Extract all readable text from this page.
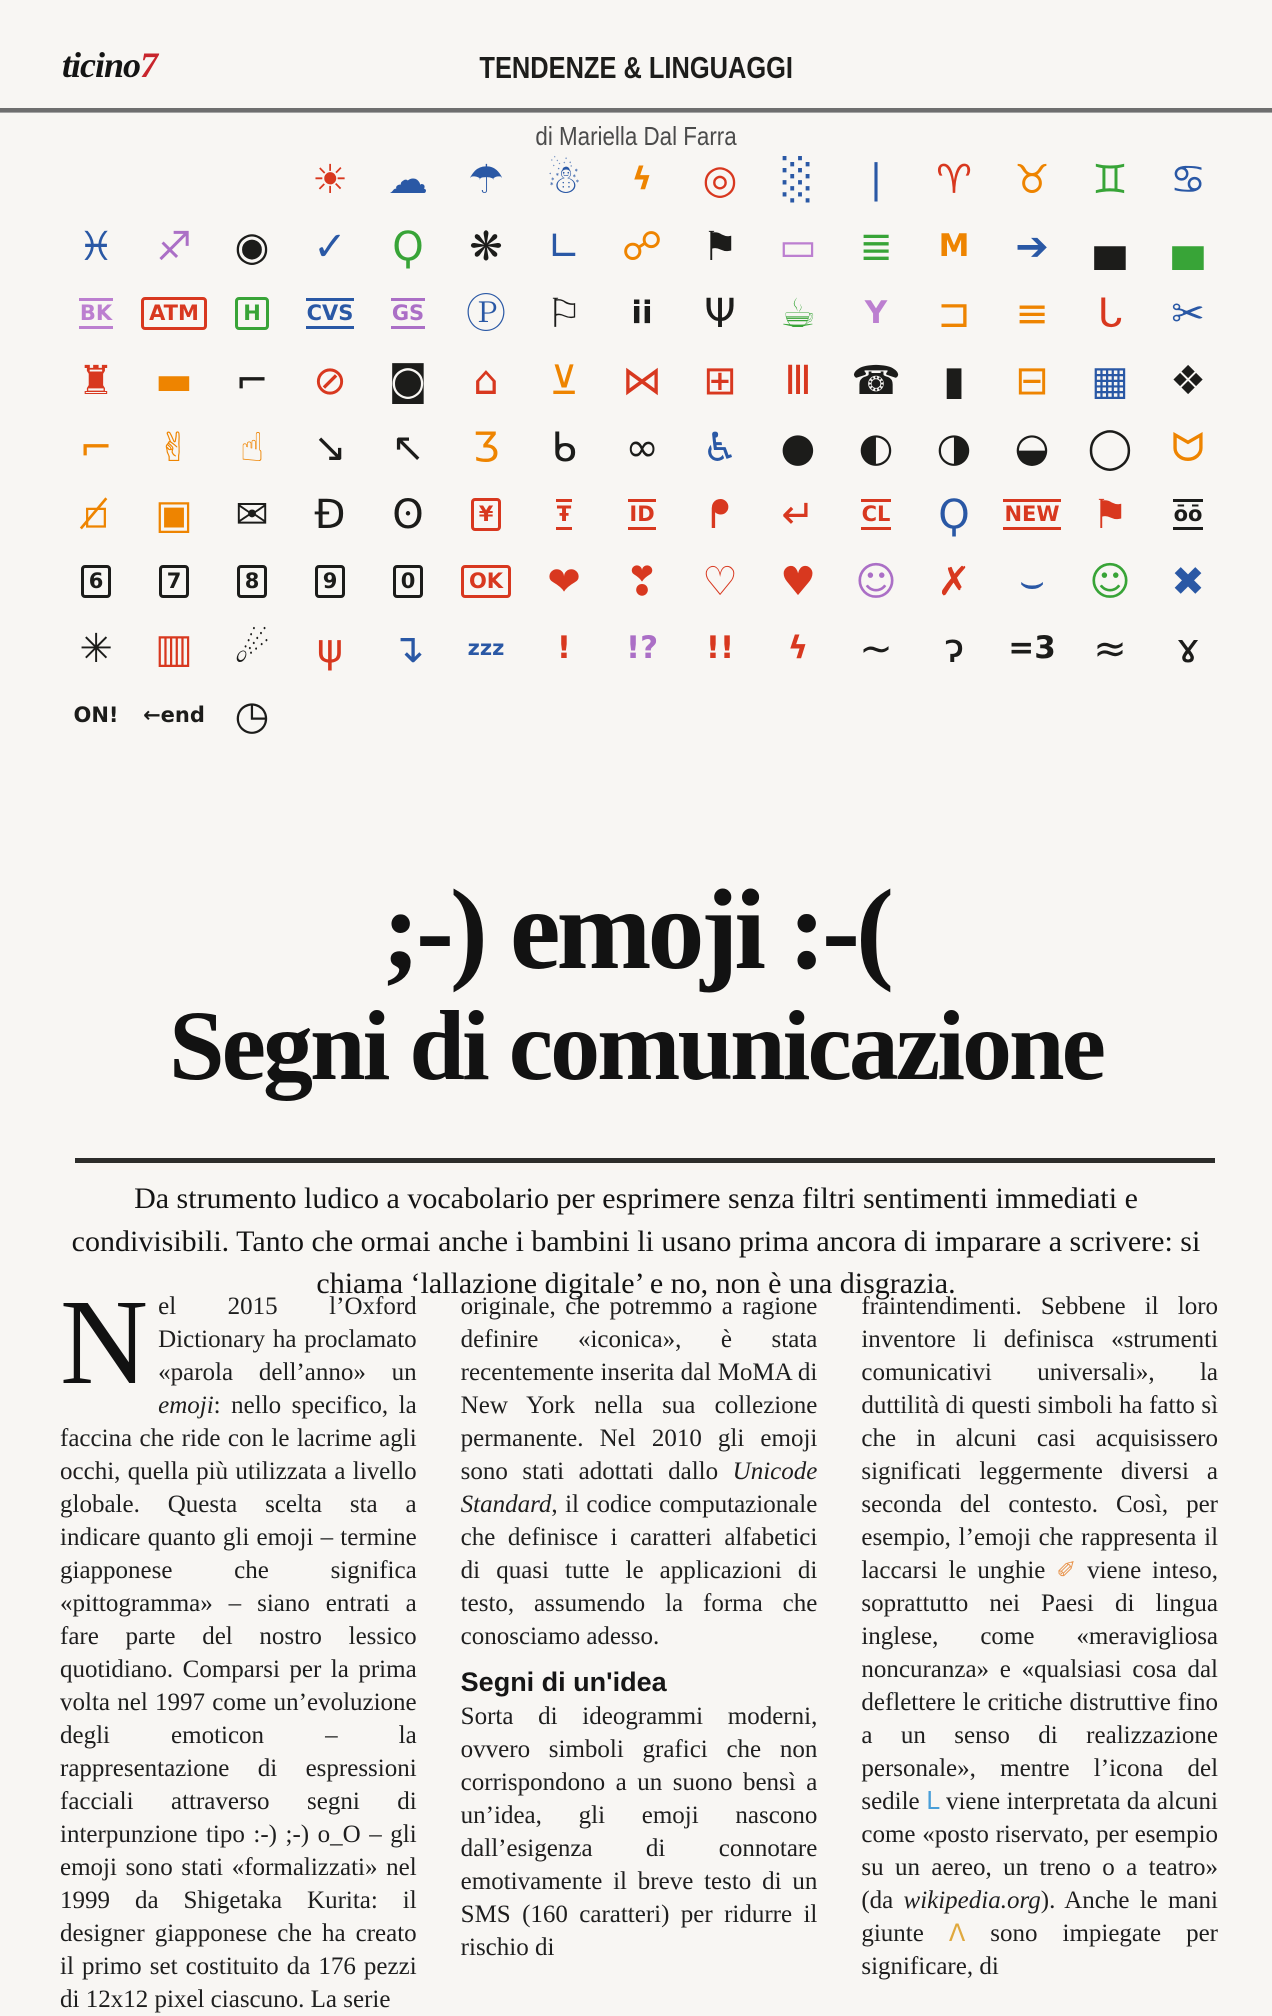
ticino7	TENDENZE & LINGUAGGI
di Mariella Dal Farra
☀ ☁ ☂ ☃ ϟ ◎ ░ ∣ ♈ ♉ ♊ ♋
♓ ♐ ◉ ✓ Ϙ ❋ ∟ ☍ ⚑ ▭ ≣ M ➔ ▄ ▄
BK	ATM	H	CVS GS Ⓟ ⚐ ii Ψ ☕ Y ⊐ ≡ ᒐ ✂
♜ ▬ ⌐ ⊘ ◙ ⌂ ⊻ ⋈ ⊞ Ⅲ ☎ ▮ ⊟ ▦ ❖
⌐ ✌ ☝ ↘ ↖ Ʒ ᑲ ∞ ♿ ● ◐ ◑ ◒ ◯ ᗢ
▫̸ ▣ ✉ Ɖ ʘ	¥	Ŧ	ID ᖰ ↵ CL Ϙ NEW ⚑ ōō
6	7	8	9	0	OK ❤ ❣ ♡ ♥ ☺ ✗ ⌣ ☺ ✖
✳ ▥ ☄ ψ ↴ zzz ! !? !! ϟ ∼ ɂ =3 ≈ ɤ
ON! ←end ◷
;-) emoji :-(
Segni di comunicazione

Da strumento ludico a vocabolario per esprimere senza filtri sentimenti immediati e condivisibili. Tanto che ormai anche i bambini li usano prima ancora di imparare a scrivere: si chiama ‘lallazione digitale’ e no, non è una disgrazia.

Nel 2015 l’Oxford Dictionary ha proclamato «parola dell’anno» un emoji: nello specifico, la faccina che ride con le lacrime agli occhi, quella più utilizzata a livello globale. Questa scelta sta a indicare quanto gli emoji – termine giapponese che significa «pittogramma» – siano entrati a fare parte del nostro lessico quotidiano. Comparsi per la prima volta nel 1997 come un’evoluzione degli emoticon – la rappresentazione di espressioni facciali attraverso segni di interpunzione tipo :-) ;-) o_O – gli emoji sono stati «formalizzati» nel 1999 da Shigetaka Kurita: il designer giapponese che ha creato il primo set costituito da 176 pezzi di 12x12 pixel ciascuno. La serie

originale, che potremmo a ragione definire «iconica», è stata recentemente inserita dal MoMA di New York nella sua collezione permanente. Nel 2010 gli emoji sono stati adottati dallo Unicode Standard, il codice computazionale che definisce i caratteri alfabetici di quasi tutte le applicazioni di testo, assumendo la forma che conosciamo adesso.

Segni di un'idea

Sorta di ideogrammi moderni, ovvero simboli grafici che non corrispondono a un suono bensì a un’idea, gli emoji nascono dall’esigenza di connotare emotivamente il breve testo di un SMS (160 caratteri) per ridurre il rischio di

fraintendimenti. Sebbene il loro inventore li definisca «strumenti comunicativi universali», la duttilità di questi simboli ha fatto sì che in alcuni casi acquisissero significati leggermente diversi a seconda del contesto. Così, per esempio, l’emoji che rappresenta il laccarsi le unghie ✐ viene inteso, soprattutto nei Paesi di lingua inglese, come «meravigliosa noncuranza» e «qualsiasi cosa dal deflettere le critiche distruttive fino a un senso di realizzazione personale», mentre l’icona del sedile ᒪ viene interpretata da alcuni come «posto riservato, per esempio su un aereo, un treno o a teatro» (da wikipedia.org). Anche le mani giunte Λ sono impiegate per significare, di
